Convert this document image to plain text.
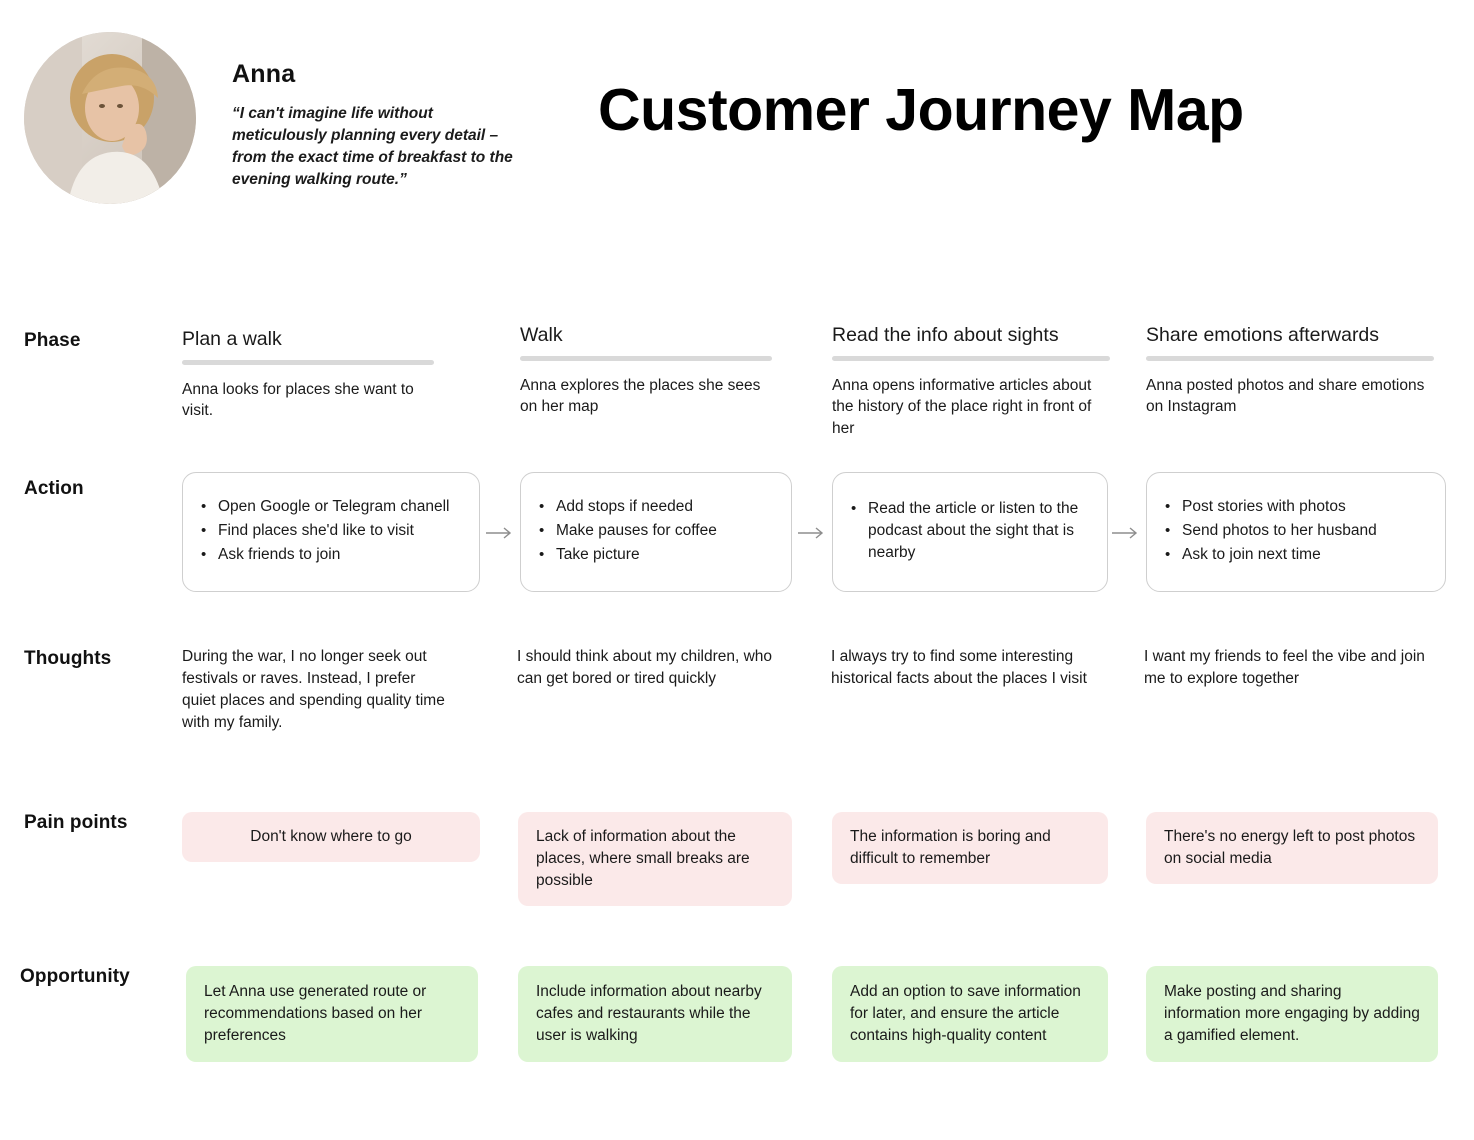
Anna
“I can't imagine life without meticulously planning every detail – from the exact time of breakfast to the evening walking route.”
Customer Journey Map
Phase
Action
Thoughts
Pain points
Opportunity
Plan a walk
Anna looks for places she want to visit.
Walk
Anna explores the places she sees on her map
Read the info about sights
Anna opens informative articles about the history of the place right in front of her
Share emotions afterwards
Anna posted photos and share emotions on Instagram
• Open Google or Telegram chanell
• Find places she'd like to visit
• Ask friends to join
• Add stops if needed
• Make pauses for coffee
• Take picture
• Read the article or listen to the podcast about the sight that is nearby
• Post stories with photos
• Send photos to her husband
• Ask to join next time
During the war, I no longer seek out festivals or raves. Instead, I prefer quiet places and spending quality time with my family.
I should think about my children, who can get bored or tired quickly
I always try to find some interesting historical facts about the places I visit
I want my friends to feel the vibe and join me to explore together
Don't know where to go	Lack of information about the places, where small breaks are possible
The information is boring and difficult to remember
There's no energy left to post photos on social media
Let Anna use generated route or recommendations based on her preferences
Include information about nearby cafes and restaurants while the user is walking
Add an option to save information for later, and ensure the article contains high-quality content
Make posting and sharing information more engaging by adding a gamified element.
